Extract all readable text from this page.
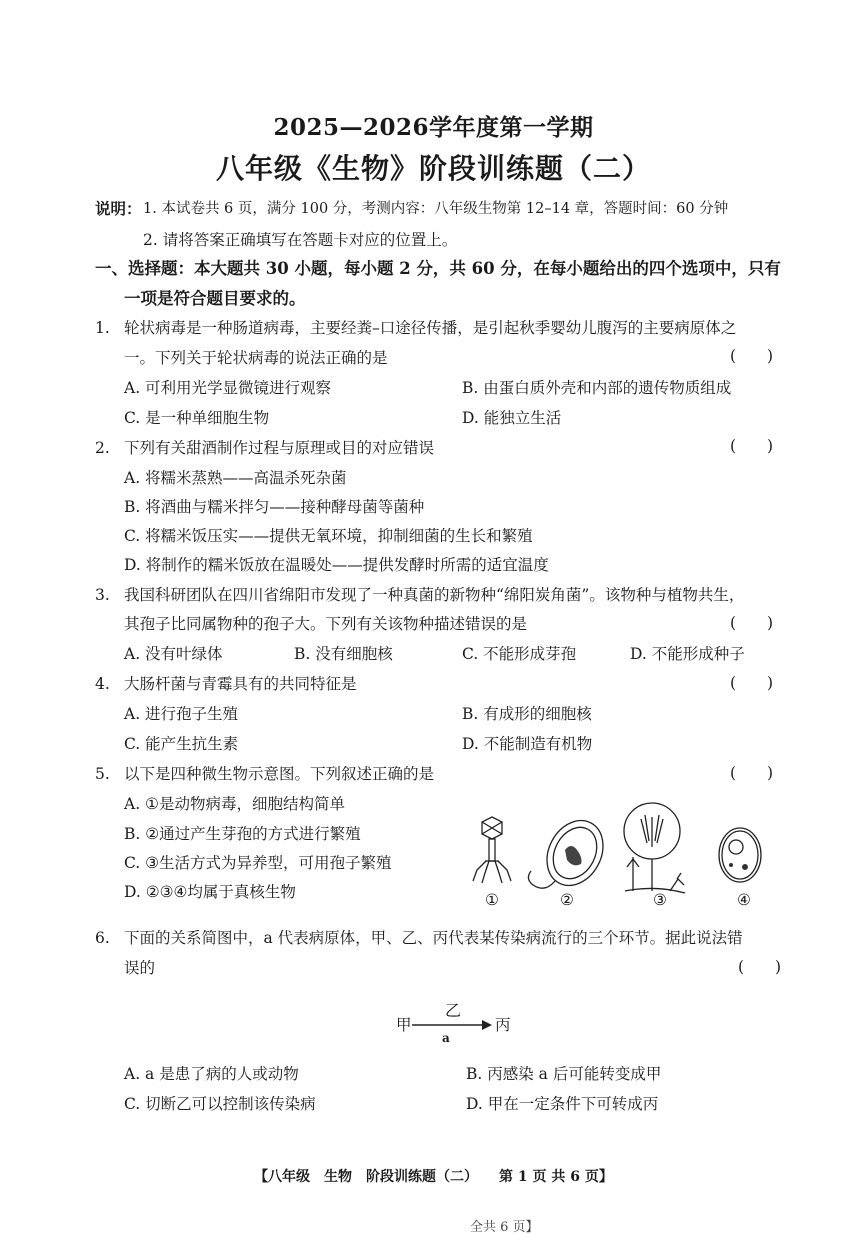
2025—2026学年度第一学期
八年级《生物》阶段训练题（二）
说明： 1. 本试卷共 6 页，满分 100 分，考测内容：八年级生物第 12–14 章，答题时间：60 分钟
2. 请将答案正确填写在答题卡对应的位置上。
一、选择题：本大题共 30 小题，每小题 2 分，共 60 分，在每小题给出的四个选项中，只有
一项是符合题目要求的。
1. 轮状病毒是一种肠道病毒，主要经粪–口途径传播，是引起秋季婴幼儿腹泻的主要病原体之
一。下列关于轮状病毒的说法正确的是	(　　)
A. 可利用光学显微镜进行观察	B. 由蛋白质外壳和内部的遗传物质组成
C. 是一种单细胞生物	D. 能独立生活
2. 下列有关甜酒制作过程与原理或目的对应错误	(　　)
A. 将糯米蒸熟——高温杀死杂菌
B. 将酒曲与糯米拌匀——接种酵母菌等菌种
C. 将糯米饭压实——提供无氧环境，抑制细菌的生长和繁殖
D. 将制作的糯米饭放在温暖处——提供发酵时所需的适宜温度
3. 我国科研团队在四川省绵阳市发现了一种真菌的新物种“绵阳炭角菌”。该物种与植物共生，
其孢子比同属物种的孢子大。下列有关该物种描述错误的是	(　　)
A. 没有叶绿体	B. 没有细胞核	C. 不能形成芽孢	D. 不能形成种子
4. 大肠杆菌与青霉具有的共同特征是	(　　)
A. 进行孢子生殖	B. 有成形的细胞核
C. 能产生抗生素	D. 不能制造有机物
5. 以下是四种微生物示意图。下列叙述正确的是	(　　)
A. ①是动物病毒，细胞结构简单
B. ②通过产生芽孢的方式进行繁殖
C. ③生活方式为异养型，可用孢子繁殖
D. ②③④均属于真核生物	①	②	③	④
6. 下面的关系简图中，a 代表病原体，甲、乙、丙代表某传染病流行的三个环节。据此说法错
误的	(　　)
甲
乙
a
丙
A. a 是患了病的人或动物	B. 丙感染 a 后可能转变成甲
C. 切断乙可以控制该传染病	D. 甲在一定条件下可转成丙
【八年级　生物　阶段训练题（二）　　第 1 页 共 6 页】
全共 6 页】
